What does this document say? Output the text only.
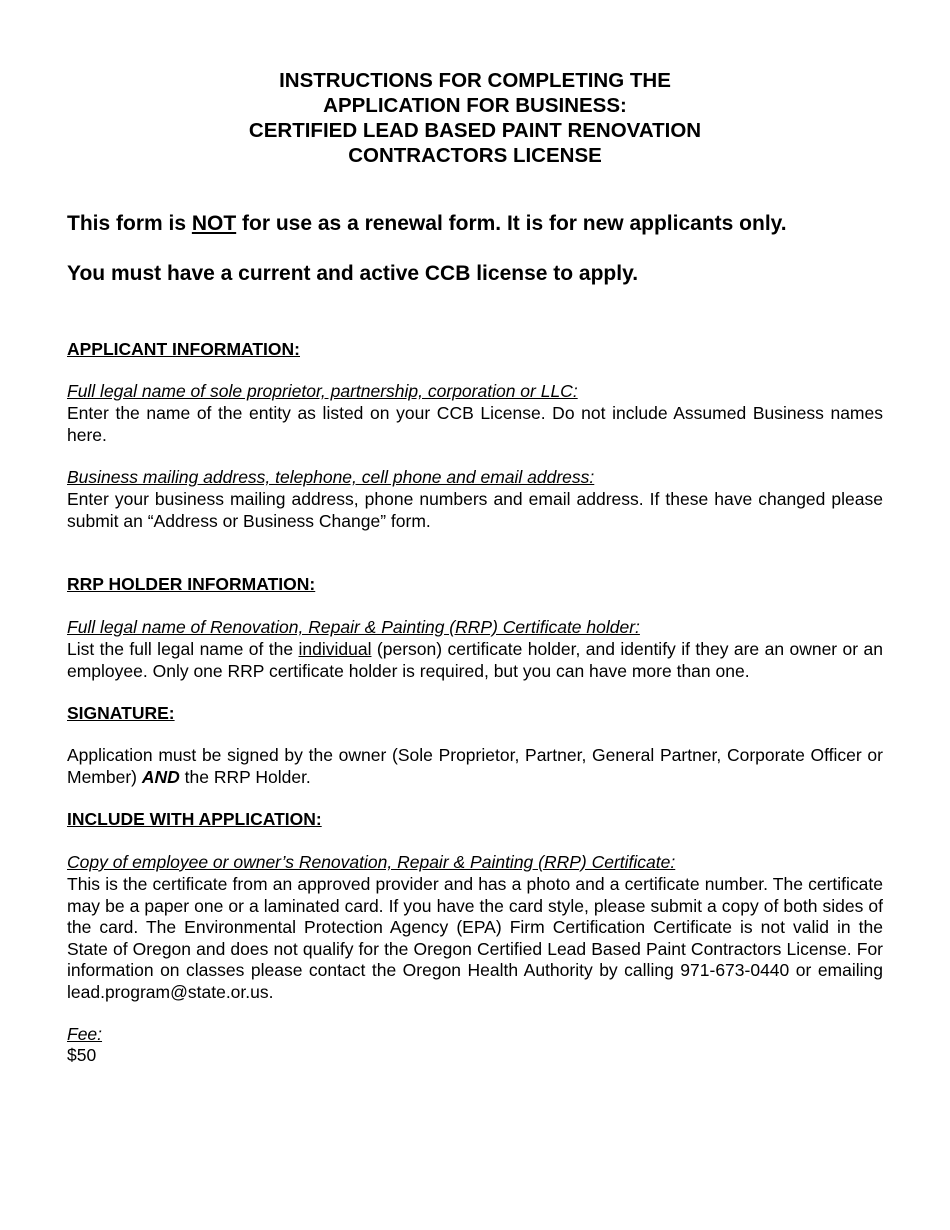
INSTRUCTIONS FOR COMPLETING THE
APPLICATION FOR BUSINESS:
CERTIFIED LEAD BASED PAINT RENOVATION
CONTRACTORS LICENSE
This form is NOT for use as a renewal form. It is for new applicants only.
You must have a current and active CCB license to apply.
APPLICANT INFORMATION:
Full legal name of sole proprietor, partnership, corporation or LLC:
Enter the name of the entity as listed on your CCB License. Do not include Assumed Business names here.
Business mailing address, telephone, cell phone and email address:
Enter your business mailing address, phone numbers and email address. If these have changed please submit an “Address or Business Change” form.
RRP HOLDER INFORMATION:
Full legal name of Renovation, Repair & Painting (RRP) Certificate holder:
List the full legal name of the individual (person) certificate holder, and identify if they are an owner or an employee. Only one RRP certificate holder is required, but you can have more than one.
SIGNATURE:
Application must be signed by the owner (Sole Proprietor, Partner, General Partner, Corporate Officer or Member) AND the RRP Holder.
INCLUDE WITH APPLICATION:
Copy of employee or owner’s Renovation, Repair & Painting (RRP) Certificate:
This is the certificate from an approved provider and has a photo and a certificate number. The certificate may be a paper one or a laminated card. If you have the card style, please submit a copy of both sides of the card. The Environmental Protection Agency (EPA) Firm Certification Certificate is not valid in the State of Oregon and does not qualify for the Oregon Certified Lead Based Paint Contractors License. For information on classes please contact the Oregon Health Authority by calling 971-673-0440 or emailing lead.program@state.or.us.
Fee:
$50
